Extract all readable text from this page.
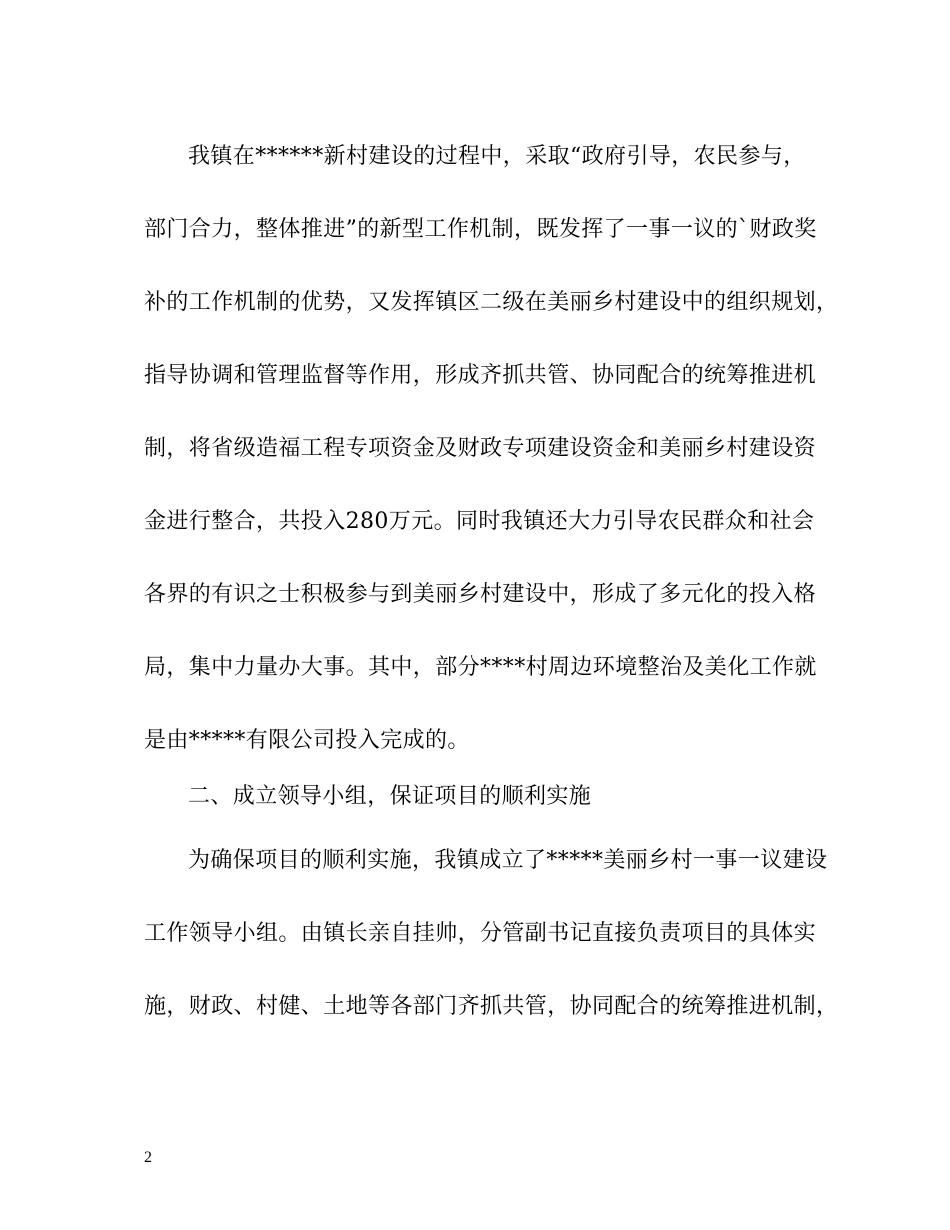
我镇在******新村建设的过程中，采取“政府引导，农民参与，
部门合力，整体推进”的新型工作机制，既发挥了一事一议的`财政奖
补的工作机制的优势，又发挥镇区二级在美丽乡村建设中的组织规划，
指导协调和管理监督等作用，形成齐抓共管、协同配合的统筹推进机
制，将省级造福工程专项资金及财政专项建设资金和美丽乡村建设资
金进行整合，共投入280万元。同时我镇还大力引导农民群众和社会
各界的有识之士积极参与到美丽乡村建设中，形成了多元化的投入格
局，集中力量办大事。其中，部分****村周边环境整治及美化工作就
是由*****有限公司投入完成的。
二、成立领导小组，保证项目的顺利实施
为确保项目的顺利实施，我镇成立了*****美丽乡村一事一议建设
工作领导小组。由镇长亲自挂帅，分管副书记直接负责项目的具体实
施，财政、村健、土地等各部门齐抓共管，协同配合的统筹推进机制，
2
